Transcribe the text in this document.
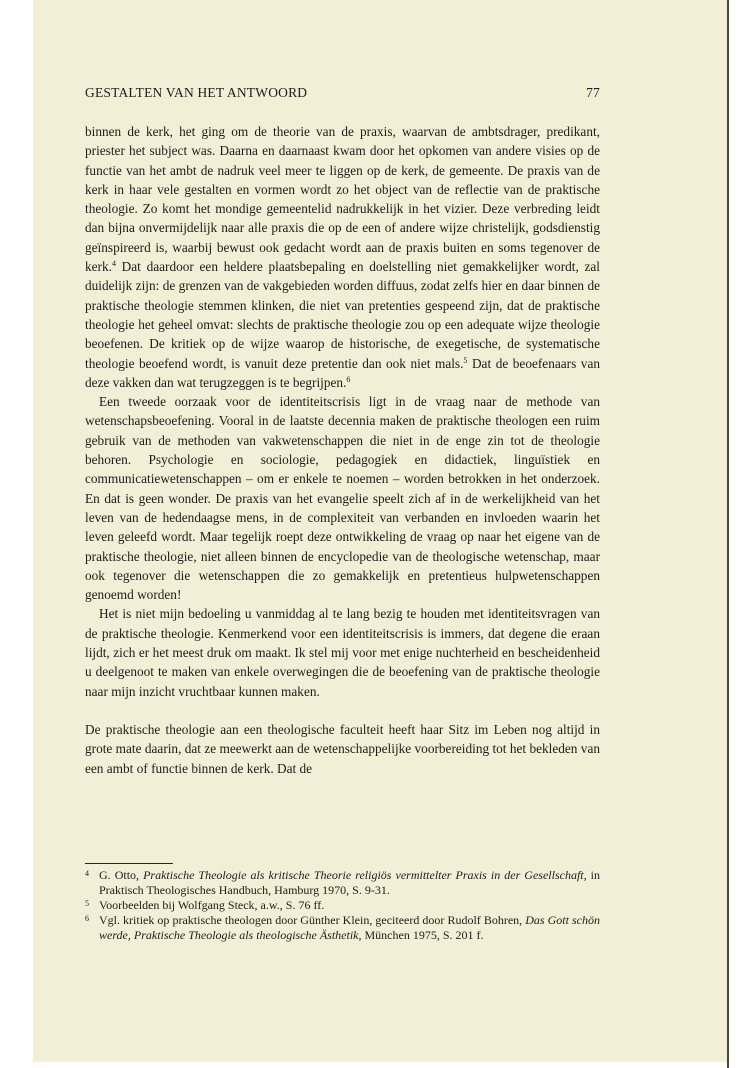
GESTALTEN VAN HET ANTWOORD	77

binnen de kerk, het ging om de theorie van de praxis, waarvan de ambtsdrager, predikant, priester het subject was. Daarna en daarnaast kwam door het opkomen van andere visies op de functie van het ambt de nadruk veel meer te liggen op de kerk, de gemeente. De praxis van de kerk in haar vele gestalten en vormen wordt zo het object van de reflectie van de praktische theologie. Zo komt het mondige gemeentelid nadrukkelijk in het vizier. Deze verbreding leidt dan bijna onvermijdelijk naar alle praxis die op de een of andere wijze christelijk, godsdienstig geïnspireerd is, waarbij bewust ook gedacht wordt aan de praxis buiten en soms tegenover de kerk.$^4$ Dat daardoor een heldere plaatsbepaling en doelstelling niet gemakkelijker wordt, zal duidelijk zijn: de grenzen van de vakgebieden worden diffuus, zodat zelfs hier en daar binnen de praktische theologie stemmen klinken, die niet van pretenties gespeend zijn, dat de praktische theologie het geheel omvat: slechts de praktische theologie zou op een adequate wijze theologie beoefenen. De kritiek op de wijze waarop de historische, de exegetische, de systematische theologie beoefend wordt, is vanuit deze pretentie dan ook niet mals.$^5$ Dat de beoefenaars van deze vakken dan wat terugzeggen is te begrijpen.$^6$

Een tweede oorzaak voor de identiteitscrisis ligt in de vraag naar de methode van wetenschapsbeoefening. Vooral in de laatste decennia maken de praktische theologen een ruim gebruik van de methoden van vakwetenschappen die niet in de enge zin tot de theologie behoren. Psychologie en sociologie, pedagogiek en didactiek, linguïstiek en communicatiewetenschappen – om er enkele te noemen – worden betrokken in het onderzoek. En dat is geen wonder. De praxis van het evangelie speelt zich af in de werkelijkheid van het leven van de hedendaagse mens, in de complexiteit van verbanden en invloeden waarin het leven geleefd wordt. Maar tegelijk roept deze ontwikkeling de vraag op naar het eigene van de praktische theologie, niet alleen binnen de encyclopedie van de theologische wetenschap, maar ook tegenover die wetenschappen die zo gemakkelijk en pretentieus hulpwetenschappen genoemd worden!

Het is niet mijn bedoeling u vanmiddag al te lang bezig te houden met identiteitsvragen van de praktische theologie. Kenmerkend voor een identiteitscrisis is immers, dat degene die eraan lijdt, zich er het meest druk om maakt. Ik stel mij voor met enige nuchterheid en bescheidenheid u deelgenoot te maken van enkele overwegingen die de beoefening van de praktische theologie naar mijn inzicht vruchtbaar kunnen maken.

De praktische theologie aan een theologische faculteit heeft haar Sitz im Leben nog altijd in grote mate daarin, dat ze meewerkt aan de wetenschappelijke voorbereiding tot het bekleden van een ambt of functie binnen de kerk. Dat de

4 G. Otto, Praktische Theologie als kritische Theorie religiös vermittelter Praxis in der Gesellschaft, in Praktisch Theologisches Handbuch, Hamburg 1970, S. 9-31.
5 Voorbeelden bij Wolfgang Steck, a.w., S. 76 ff.
6 Vgl. kritiek op praktische theologen door Günther Klein, geciteerd door Rudolf Bohren, Das Gott schön werde, Praktische Theologie als theologische Ästhetik, München 1975, S. 201 f.
